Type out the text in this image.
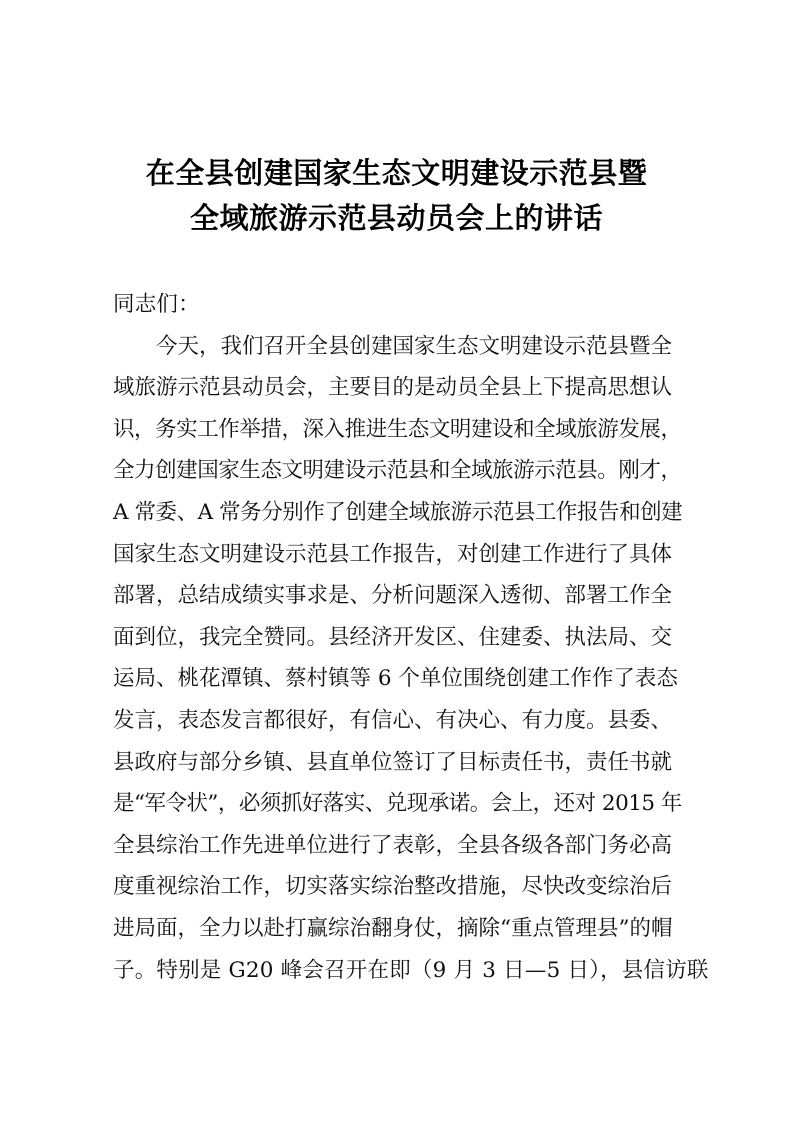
在全县创建国家生态文明建设示范县暨
全域旅游示范县动员会上的讲话

同志们：

今天，我们召开全县创建国家生态文明建设示范县暨全
域旅游示范县动员会，主要目的是动员全县上下提高思想认
识，务实工作举措，深入推进生态文明建设和全域旅游发展，
全力创建国家生态文明建设示范县和全域旅游示范县。刚才，
A 常委、A 常务分别作了创建全域旅游示范县工作报告和创建
国家生态文明建设示范县工作报告，对创建工作进行了具体
部署，总结成绩实事求是、分析问题深入透彻、部署工作全
面到位，我完全赞同。县经济开发区、住建委、执法局、交
运局、桃花潭镇、蔡村镇等 6 个单位围绕创建工作作了表态
发言，表态发言都很好，有信心、有决心、有力度。县委、
县政府与部分乡镇、县直单位签订了目标责任书，责任书就
是“军令状”，必须抓好落实、兑现承诺。会上，还对 2015 年
全县综治工作先进单位进行了表彰，全县各级各部门务必高
度重视综治工作，切实落实综治整改措施，尽快改变综治后
进局面，全力以赴打赢综治翻身仗，摘除“重点管理县”的帽
子。特别是 G20 峰会召开在即（9 月 3 日—5 日），县信访联
